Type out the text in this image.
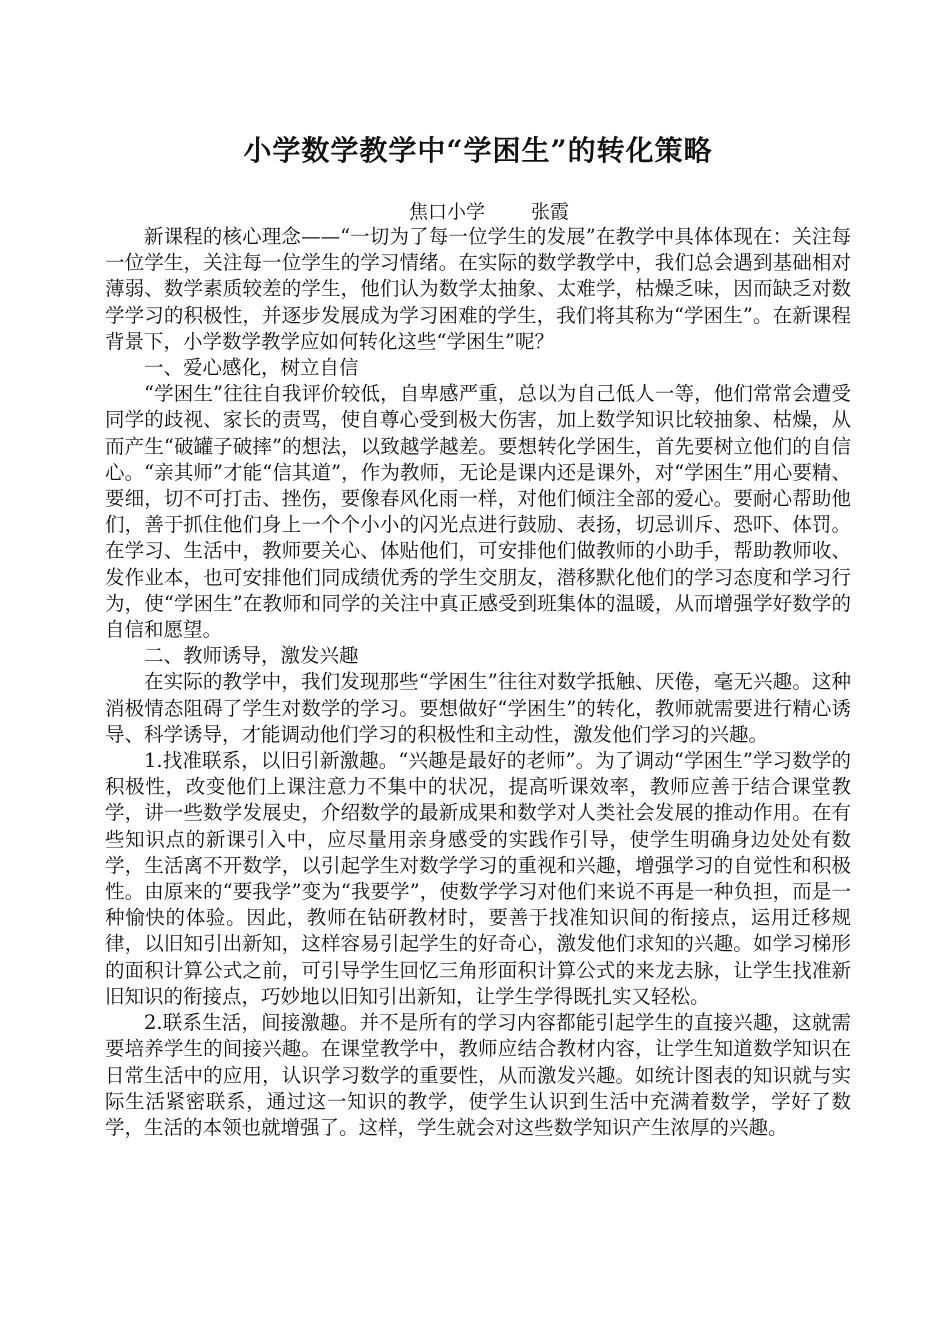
小学数学教学中“学困生”的转化策略
焦口小学 张霞

新课程的核心理念——“一切为了每一位学生的发展”在教学中具体体现在：关注每一位学生，关注每一位学生的学习情绪。在实际的数学教学中，我们总会遇到基础相对薄弱、数学素质较差的学生，他们认为数学太抽象、太难学，枯燥乏味，因而缺乏对数学学习的积极性，并逐步发展成为学习困难的学生，我们将其称为“学困生”。在新课程背景下，小学数学教学应如何转化这些“学困生”呢？

一、爱心感化，树立自信

“学困生”往往自我评价较低，自卑感严重，总以为自己低人一等，他们常常会遭受同学的歧视、家长的责骂，使自尊心受到极大伤害，加上数学知识比较抽象、枯燥，从而产生“破罐子破摔”的想法，以致越学越差。要想转化学困生，首先要树立他们的自信心。“亲其师”才能“信其道”，作为教师，无论是课内还是课外，对“学困生”用心要精、要细，切不可打击、挫伤，要像春风化雨一样，对他们倾注全部的爱心。要耐心帮助他们，善于抓住他们身上一个个小小的闪光点进行鼓励、表扬，切忌训斥、恐吓、体罚。在学习、生活中，教师要关心、体贴他们，可安排他们做教师的小助手，帮助教师收、发作业本，也可安排他们同成绩优秀的学生交朋友，潜移默化他们的学习态度和学习行为，使“学困生”在教师和同学的关注中真正感受到班集体的温暖，从而增强学好数学的自信和愿望。

二、教师诱导，激发兴趣

在实际的教学中，我们发现那些“学困生”往往对数学抵触、厌倦，毫无兴趣。这种消极情态阻碍了学生对数学的学习。要想做好“学困生”的转化，教师就需要进行精心诱导、科学诱导，才能调动他们学习的积极性和主动性，激发他们学习的兴趣。

1.找准联系，以旧引新激趣。“兴趣是最好的老师”。为了调动“学困生”学习数学的积极性，改变他们上课注意力不集中的状况，提高听课效率，教师应善于结合课堂教学，讲一些数学发展史，介绍数学的最新成果和数学对人类社会发展的推动作用。在有些知识点的新课引入中，应尽量用亲身感受的实践作引导，使学生明确身边处处有数学，生活离不开数学，以引起学生对数学学习的重视和兴趣，增强学习的自觉性和积极性。由原来的“要我学”变为“我要学”，使数学学习对他们来说不再是一种负担，而是一种愉快的体验。因此，教师在钻研教材时，要善于找准知识间的衔接点，运用迁移规律，以旧知引出新知，这样容易引起学生的好奇心，激发他们求知的兴趣。如学习梯形的面积计算公式之前，可引导学生回忆三角形面积计算公式的来龙去脉，让学生找准新旧知识的衔接点，巧妙地以旧知引出新知，让学生学得既扎实又轻松。

2.联系生活，间接激趣。并不是所有的学习内容都能引起学生的直接兴趣，这就需要培养学生的间接兴趣。在课堂教学中，教师应结合教材内容，让学生知道数学知识在日常生活中的应用，认识学习数学的重要性，从而激发兴趣。如统计图表的知识就与实际生活紧密联系，通过这一知识的教学，使学生认识到生活中充满着数学，学好了数学，生活的本领也就增强了。这样，学生就会对这些数学知识产生浓厚的兴趣。
